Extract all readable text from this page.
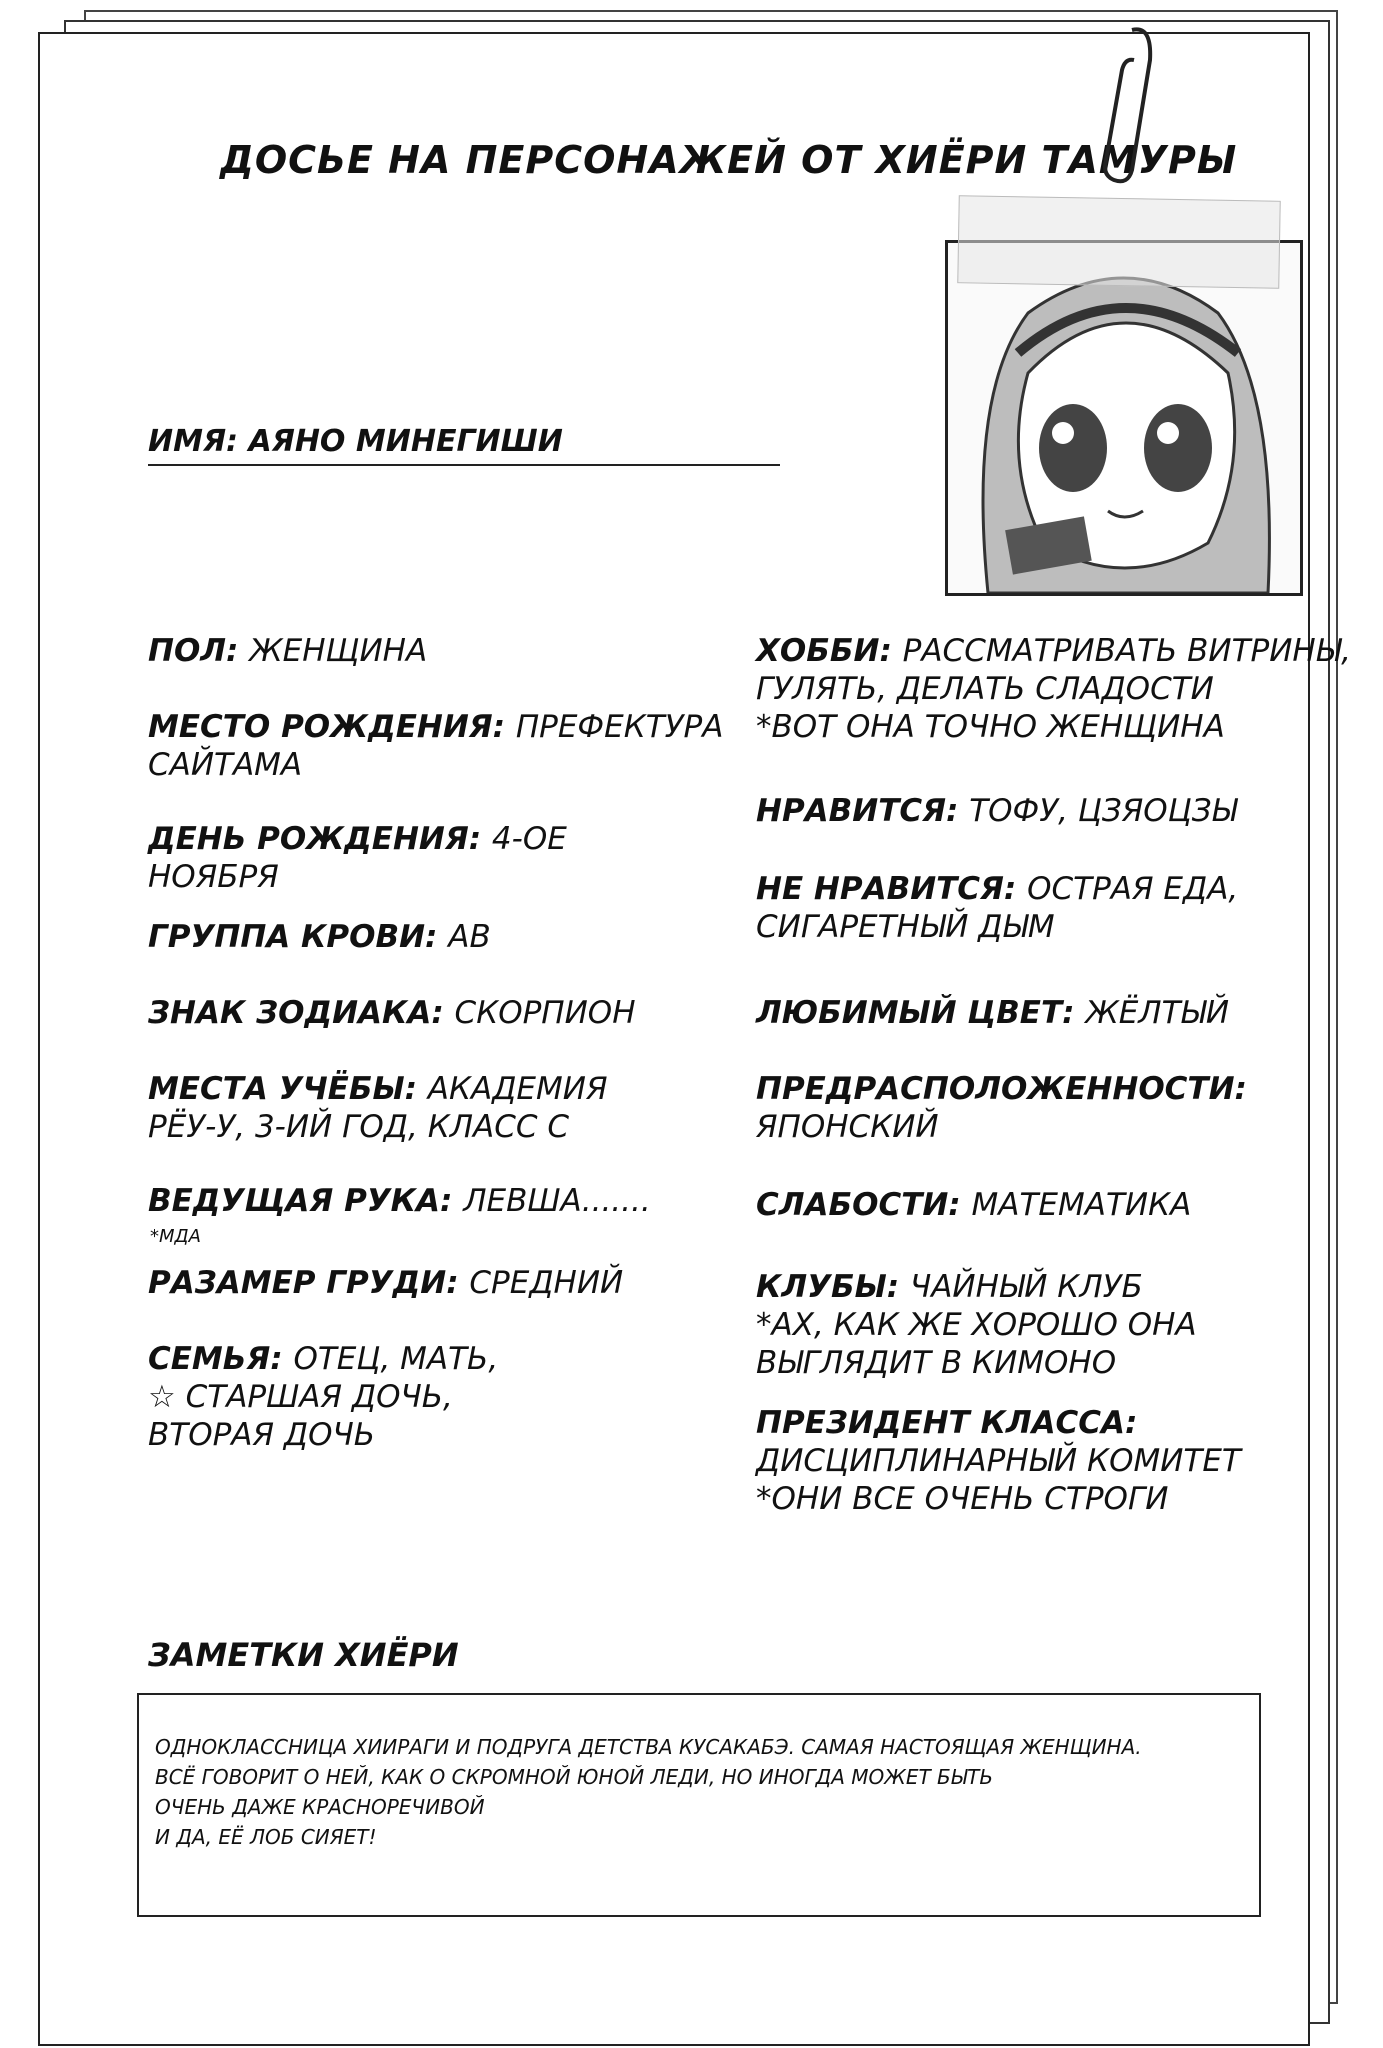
ДОСЬЕ НА ПЕРСОНАЖЕЙ ОТ ХИЁРИ ТАМУРЫ
ИМЯ: АЯНО МИНЕГИШИ
ПОЛ: ЖЕНЩИНА
МЕСТО РОЖДЕНИЯ: ПРЕФЕКТУРА
САЙТАМА
ДЕНЬ РОЖДЕНИЯ: 4-ОЕ
НОЯБРЯ
ГРУППА КРОВИ: АВ
ЗНАК ЗОДИАКА: СКОРПИОН
МЕСТА УЧЁБЫ: АКАДЕМИЯ
РЁУ-У, 3-ИЙ ГОД, КЛАСС С
ВЕДУЩАЯ РУКА: ЛЕВША.......
*МДА
РАЗАМЕР ГРУДИ: СРЕДНИЙ
СЕМЬЯ: ОТЕЦ, МАТЬ,
☆ СТАРШАЯ ДОЧЬ,
ВТОРАЯ ДОЧЬ
ХОББИ: РАССМАТРИВАТЬ ВИТРИНЫ,
ГУЛЯТЬ, ДЕЛАТЬ СЛАДОСТИ
*ВОТ ОНА ТОЧНО ЖЕНЩИНА
НРАВИТСЯ: ТОФУ, ЦЗЯОЦЗЫ
НЕ НРАВИТСЯ: ОСТРАЯ ЕДА,
СИГАРЕТНЫЙ ДЫМ
ЛЮБИМЫЙ ЦВЕТ: ЖЁЛТЫЙ
ПРЕДРАСПОЛОЖЕННОСТИ:
ЯПОНСКИЙ
СЛАБОСТИ: МАТЕМАТИКА
КЛУБЫ: ЧАЙНЫЙ КЛУБ
*АХ, КАК ЖЕ ХОРОШО ОНА
ВЫГЛЯДИТ В КИМОНО
ПРЕЗИДЕНТ КЛАССА:
ДИСЦИПЛИНАРНЫЙ КОМИТЕТ
*ОНИ ВСЕ ОЧЕНЬ СТРОГИ
ЗАМЕТКИ ХИЁРИ
ОДНОКЛАССНИЦА ХИИРАГИ И ПОДРУГА ДЕТСТВА КУСАКАБЭ. САМАЯ НАСТОЯЩАЯ ЖЕНЩИНА.
ВСЁ ГОВОРИТ О НЕЙ, КАК О СКРОМНОЙ ЮНОЙ ЛЕДИ, НО ИНОГДА МОЖЕТ БЫТЬ
ОЧЕНЬ ДАЖЕ КРАСНОРЕЧИВОЙ
И ДА, ЕЁ ЛОБ СИЯЕТ!
